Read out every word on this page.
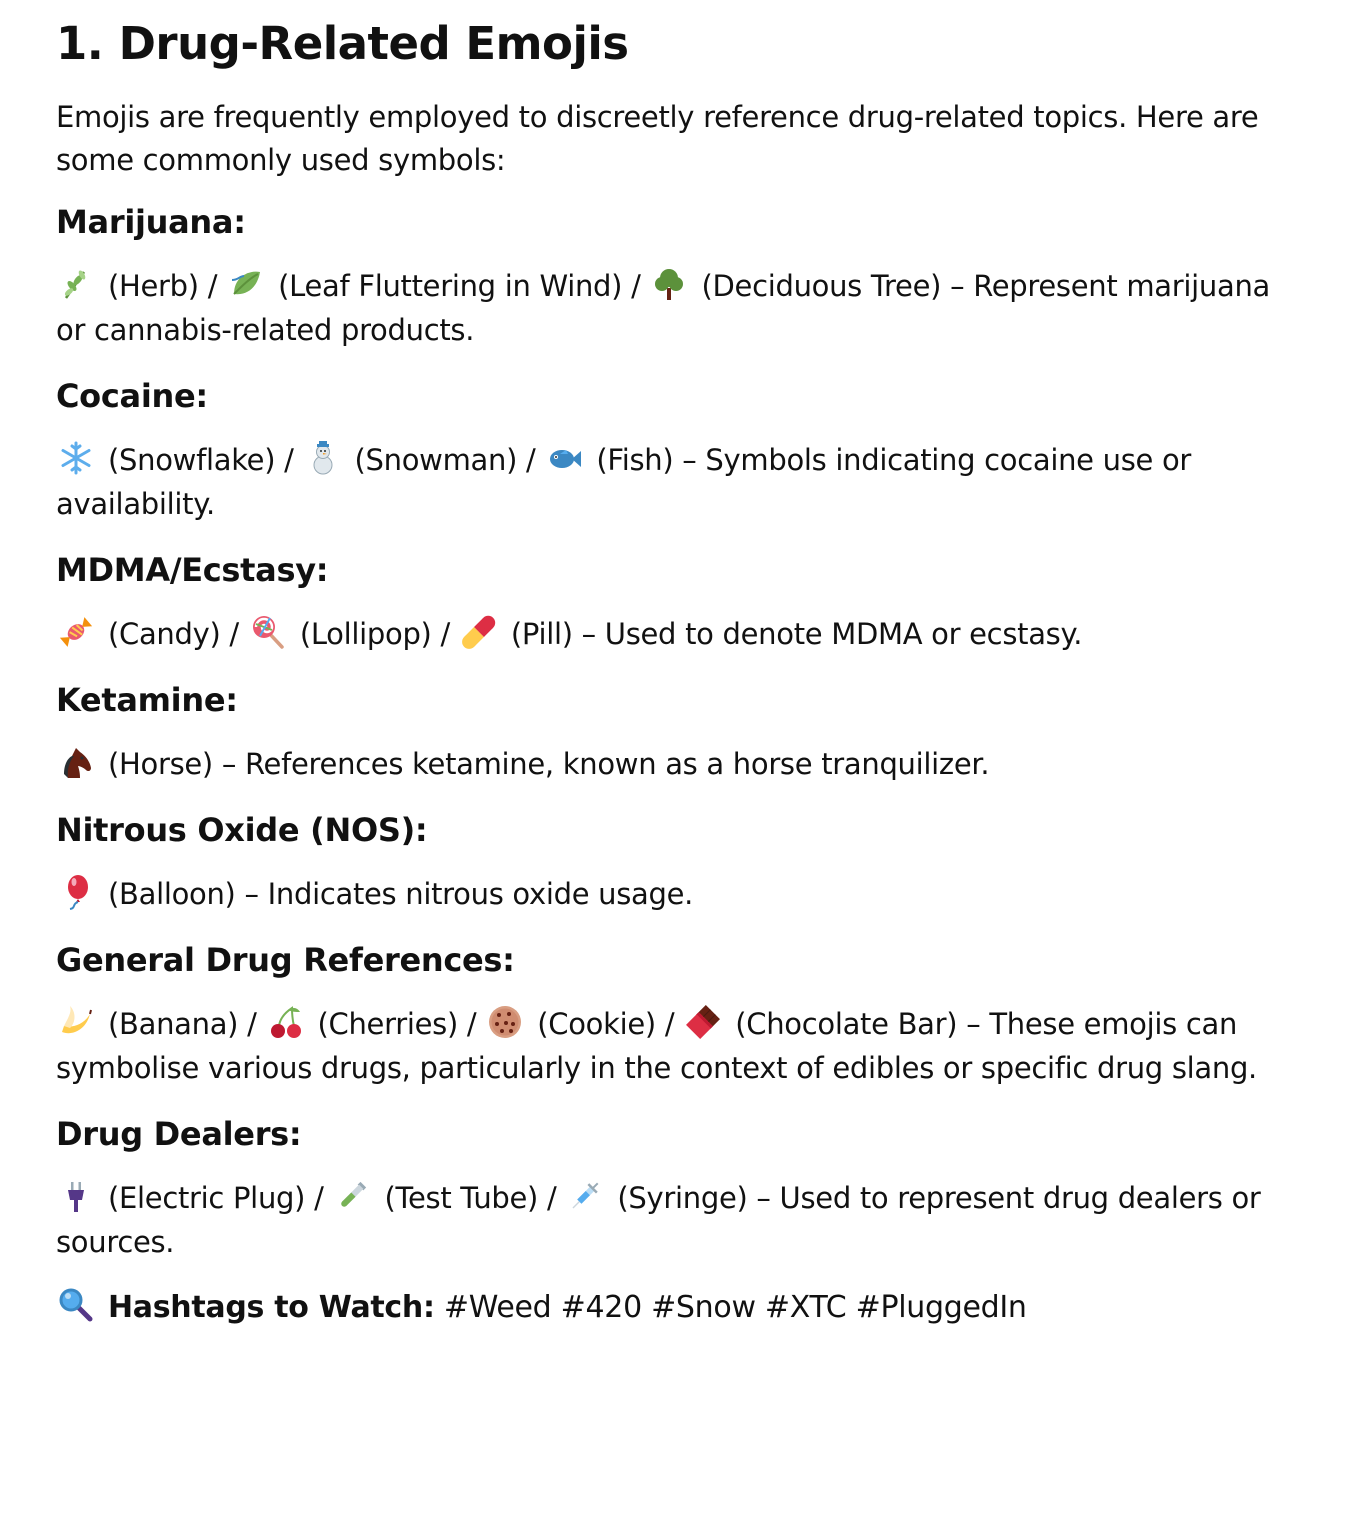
1. Drug-Related Emojis

Emojis are frequently employed to discreetly reference drug-related topics. Here are some commonly used symbols:

Marijuana:
(Herb) /
(Leaf Fluttering in Wind) /
(Deciduous Tree) – Represent marijuana or cannabis-related products.
Cocaine:
(Snowflake) /
(Snowman) /
(Fish) – Symbols indicating cocaine use or availability.
MDMA/Ecstasy:
(Candy) /
(Lollipop) /
(Pill) – Used to denote MDMA or ecstasy.
Ketamine:
(Horse) – References ketamine, known as a horse tranquilizer.
Nitrous Oxide (NOS):
(Balloon) – Indicates nitrous oxide usage.
General Drug References:
(Banana) /
(Cherries) /
(Cookie) /
(Chocolate Bar) – These emojis can symbolise various drugs, particularly in the context of edibles or specific drug slang.
Drug Dealers:
(Electric Plug) /
(Test Tube) /
(Syringe) – Used to represent drug dealers or sources.
Hashtags to Watch: #Weed #420 #Snow #XTC #PluggedIn
